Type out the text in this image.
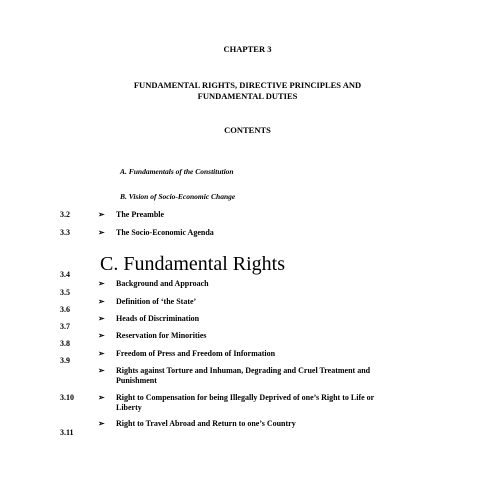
CHAPTER 3
FUNDAMENTAL RIGHTS, DIRECTIVE PRINCIPLES AND
FUNDAMENTAL DUTIES
CONTENTS
A. Fundamentals of the Constitution
B. Vision of Socio-Economic Change
3.2	➢ The Preamble
3.3	➢ The Socio-Economic Agenda
C. Fundamental Rights
3.4
3.5
3.6
3.7
3.8
3.9
3.10
3.11
➢ Background and Approach
➢ Definition of ‘the State’
➢ Heads of Discrimination
➢ Reservation for Minorities
➢ Freedom of Press and Freedom of Information
➢ Rights against Torture and Inhuman, Degrading and Cruel Treatment and
Punishment
➢ Right to Compensation for being Illegally Deprived of one’s Right to Life or
Liberty
➢ Right to Travel Abroad and Return to one’s Country
